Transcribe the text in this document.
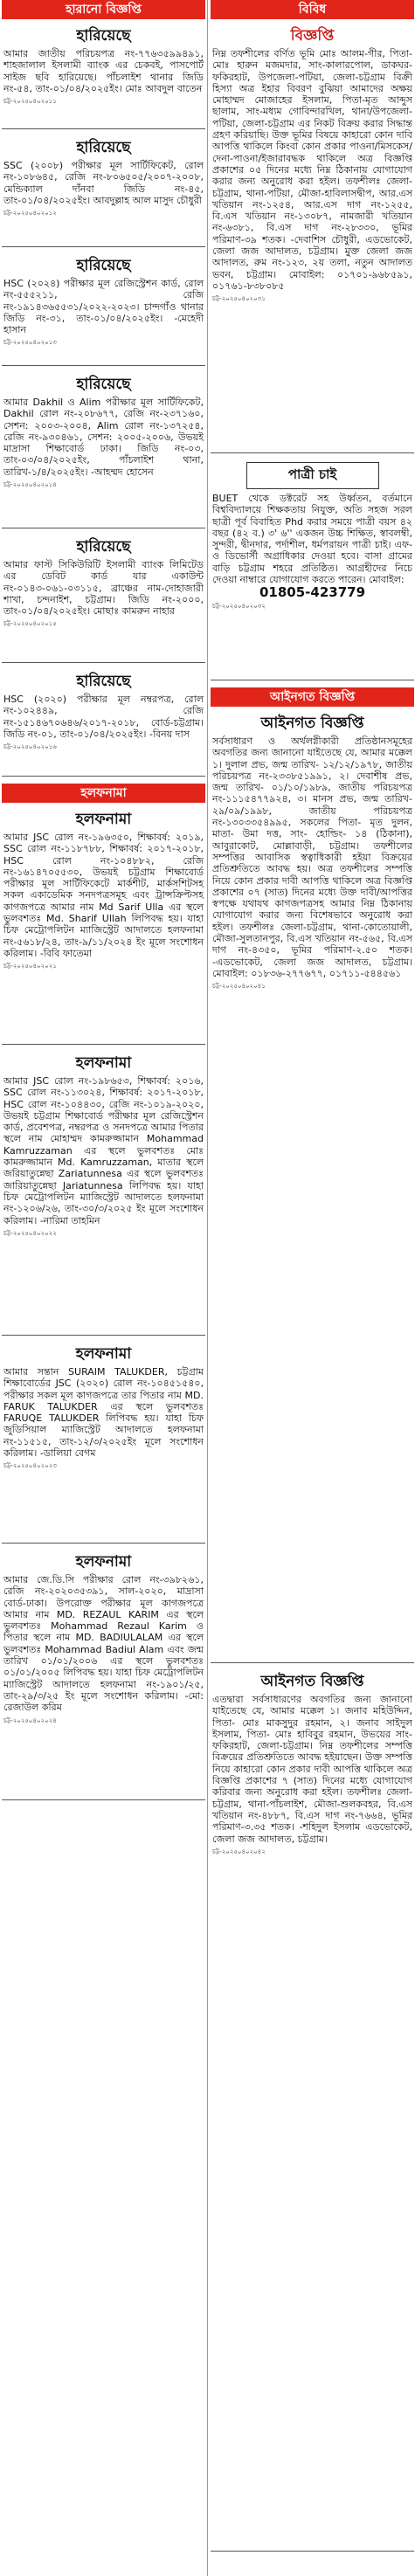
হারানো বিজ্ঞপ্তি
হারিয়েছে

আমার জাতীয় পরিচয়পত্র নং-৭৭৬৩৫৯৯৪৯১, শাহজালাল ইসলামী ব্যাংক এর চেকবই, পাসপোর্ট সাইজ ছবি হারিয়েছে। পাঁচলাইশ থানার জিডি নং-৫৪, তাং-০১/০৪/২০২৫ইং। মোঃ আবদুল বাতেন

চট্ট-২০২৫০৪০২০১১
হারিয়েছে

SSC (২০০৮) পরীক্ষার মূল সার্টিফিকেট, রোল নং-১০৮৬৪৫, রেজি নং-৮০৬৫০৫/২০০৭-২০০৮, মেন্ডিক্যাল দাঁনবা জিডি নং-৪৫, তাং-০১/০৪/২০২৫ইং। আবদুল্লাহ আল মাসুদ চৌধুরী

চট্ট-২০২৫০৪০২০১২
হারিয়েছে

HSC (২০২৪) পরীক্ষার মূল রেজিস্ট্রেশন কার্ড, রোল নং-৫৫৫২১১, রেজি নং-১৯১৪৩৬৫৫৩১/২০২২-২০২৩। চান্দগাঁও থানার জিডি নং-৩১, তাং-০১/০৪/২০২৫ইং। -মেহেদী হাসান

চট্ট-২০২৫০৪০২০১৩
হারিয়েছে

আমার Dakhil ও Alim পরীক্ষার মূল সার্টিফিকেট, Dakhil রোল নং-২০৮৬৭৭, রেজি নং-২৩৭১৬০, সেশন: ২০০৩-২০০৪, Alim রোল নং-১৩৭২৫৪, রেজি নং-৯৩০৪৬১, সেশন: ২০০৫-২০০৬, উভয়ই মাদ্রাসা শিক্ষাবোর্ড ঢাকা। জিডি নং-০৩, তাং-০৩/০৪/২০২৫ইং, পাঁচলাইশ থানা, তারিখ-১/৪/২০২৫ইং। -আহম্মদ হোসেন

চট্ট-২০২৫০৪০২০১৪
হারিয়েছে

আমার ফাস্ট সিকিউরিটি ইসলামী ব্যাংক লিমিটেড এর ডেবিট কার্ড যার একাউন্ট নং-০১৪৩-০৬১-০৩১১৫, ব্রাঞ্চের নাম-দোহাজারী শাখা, চন্দনাইশ, চট্টগ্রাম। জিডি নং-২০০০, তাং-০১/০৪/২০২৫ইং। মোছাঃ কামরুন নাহার

চট্ট-২০২৫০৪০২০১৫
হারিয়েছে

HSC (২০২০) পরীক্ষার মূল নম্বরপত্র, রোল নং-১০২৪৪৯, রেজি নং-১৫১৪৬৭০৬৪৬/২০১৭-২০১৮, বোর্ড-চট্টগ্রাম। জিডি নং-০১, তাং-০১/০৪/২০২৫ইং। -বিনয় দাস

চট্ট-২০২৫০৪০২০১৬
হলফনামা
হলফনামা

আমার JSC রোল নং-১৯৬৩৫০, শিক্ষাবর্ষ: ২০১৯, SSC রোল নং-১১৮৭৮৮, শিক্ষাবর্ষ: ২০১৭-২০১৮, HSC রোল নং-১০৪৮৮২, রেজি নং-১৬১৪৭০৫৫৩০, উভয়ই চট্টগ্রাম শিক্ষাবোর্ড পরীক্ষার মূল সার্টিফিকেটে মার্কশীট, মার্কসশিটসহ সকল একাডেমিক সনদপত্রসমূহ এবং ট্রান্সক্রিপ্টসহ কাগজপত্রে আমার নাম Md Sarif Ulla এর স্থলে ভুলবশতঃ Md. Sharif Ullah লিপিবদ্ধ হয়। যাহা চিফ মেট্রোপলিটন ম্যাজিস্ট্রেট আদালতে হলফনামা নং-৫৬১৮/২৪, তাং-৯/১১/২০২৪ ইং মূলে সংশোধন করিলাম। -বিবি ফাতেমা

চট্ট-২০২৫০৪০২০২১
হলফনামা

আমার JSC রোল নং-১৯৮৬৫৩, শিক্ষাবর্ষ: ২০১৬, SSC রোল নং-১১৩০২৪, শিক্ষাবর্ষ: ২০১৭-২০১৮, HSC রোল নং-১০৪৪৩০, রেজি নং-১০১৯-২০২০, উভয়ই চট্টগ্রাম শিক্ষাবোর্ড পরীক্ষার মূল রেজিস্ট্রেশন কার্ড, প্রবেশপত্র, নম্বরপত্র ও সনদপত্রে আমার পিতার স্থলে নাম মোহাম্মদ কামরুজ্জামান Mohammad Kamruzzaman এর স্থলে ভুলবশতঃ মোঃ কামরুজ্জামান Md. Kamruzzaman, মাতার স্থলে জরিয়াতুন্নেছা Zariatunnesa এর স্থলে ভুলবশতঃ জারিয়াতুন্নেছা Jariatunnesa লিপিবদ্ধ হয়। যাহা চিফ মেট্রোপলিটন ম্যাজিস্ট্রেট আদালতে হলফনামা নং-১২০৬/২৬, তাং-৩০/৩/২০২৫ ইং মূলে সংশোধন করিলাম। -নারিমা তাহমিন

চট্ট-২০২৫০৪০২০২২
হলফনামা

আমার সন্তান SURAIM TALUKDER, চট্টগ্রাম শিক্ষাবোর্ডের JSC (২০২০) রোল নং-১০৪৫১৫৪০, পরীক্ষার সকল মূল কাগজপত্রে তার পিতার নাম MD. FARUK TALUKDER এর স্থলে ভুলবশতঃ FARUQE TALUKDER লিপিবদ্ধ হয়। যাহা চিফ জুডিসিয়াল ম্যাজিস্ট্রেট আদালতে হলফনামা নং-১১৫১৫, তাং-১২/৩/২০২৫ইং মূলে সংশোধন করিলাম। -ডালিয়া বেগম

চট্ট-২০২৫০৪০২০২৩
হলফনামা

আমার জে.ডি.সি পরীক্ষার রোল নং-৩৯৮২৬১, রেজি নং-২০২০৩৫৩৯১, সাল-২০২০, মাদ্রাসা বোর্ড-ঢাকা। উপরোক্ত পরীক্ষার মূল কাগজপত্রে আমার নাম MD. REZAUL KARIM এর স্থলে ভুলবশতঃ Mohammad Rezaul Karim ও পিতার স্থলে নাম MD. BADIULALAM এর স্থলে ভুলবশতঃ Mohammad Badiul Alam এবং জন্ম তারিখ ০১/০১/২০০৬ এর স্থলে ভুলবশতঃ ০১/০১/২০০৫ লিপিবদ্ধ হয়। যাহা চিফ মেট্রোপলিটন ম্যাজিস্ট্রেট আদালতে হলফনামা নং-১৯০১/২৫, তাং-২৯/৩/২৫ ইং মূলে সংশোধন করিলাম। -মো: রেজাউল করিম

চট্ট-২০২৫০৪০২০২৪
বিবিধ
বিজ্ঞপ্তি

নিম্ন তফশীলের বর্ণিত ভূমি মোঃ আলম-গীর, পিতা-মোঃ হারুন মজমদার, সাং-কালারপোল, ডাকঘর-ফকিরহাট, উপজেলা-পটিয়া, জেলা-চট্টগ্রাম বিক্রী হিস্যা অত্র ইহার বিবরণ বুঝিয়া আমাদের অক্ষয় মোহাম্মদ মোজাহের ইসলাম, পিতা-মৃত আব্দুস ছালাম, সাং-মধ্যম গোবিন্দারখিল, থানা/উপজেলা-পটিয়া, জেলা-চট্টগ্রাম এর নিকট বিক্রয় করার সিদ্ধান্ত গ্রহণ করিয়াছি। উক্ত ভূমির বিষয়ে কাহারো কোন দাবি আপত্তি থাকিলে কিংবা কোন প্রকার পাওনা/মিসকেস/ দেনা-পাওনা/ইজারাবদ্ধক থাকিলে অত্র বিজ্ঞপ্তি প্রকাশের ০৫ দিনের মধ্যে নিম্ন ঠিকানায় যোগাযোগ করার জন্য অনুরোধ করা হইল। তফশীলঃ জেলা-চট্টগ্রাম, থানা-পটিয়া, মৌজা-হাবিলাসদ্বীপ, আর.এস খতিয়ান নং-১২৫৪, আর.এস দাগ নং-১২৫৫, বি.এস খতিয়ান নং-১৩০৮৭, নামজারী খতিয়ান নং-৬৩৮১, বি.এস দাগ নং-২৮৩৩০, ভূমির পরিমাণ-৩৯ শতক। -দেবাশিস চৌধুরী, এডভোকেট, জেলা জজ আদালত, চট্টগ্রাম। মুক্ত জেলা জজ আদালত, রুম নং-১২৩, ২য় তলা, নতুন আদালত ভবন, চট্টগ্রাম। মোবাইল: ০১৭০১-৯৬৮৫৯১, ০১৭৬১-৮৩৮০৮৫

চট্ট-২০২৫০৪০২০৩১
পাত্রী চাই

BUET থেকে ডক্টরেট সহ উর্ধ্বতন, বর্তমানে বিশ্ববিদ্যালয়ে শিক্ষকতায় নিযুক্ত, অতি সহজ সরল ছাত্রী পূর্ব বিবাহিত Phd করার সময়ে পাত্রী বয়স ৪২ বছর (৪২ ব.) ৩' ৬'' একজন উচ্চ শিক্ষিত, স্বাবলম্বী, সুন্দরী, দ্বীনদার, পর্দাশীল, ধর্মপরায়ন পাত্রী চাই। এফ-ও ডিভোর্সী অগ্রাধিকার দেওয়া হবে। বাসা গ্রামের বাড়ি চট্টগ্রাম শহরে প্রতিষ্ঠিত। আগ্রহীদের নিচে দেওয়া নাম্বারে যোগাযোগ করতে পারেন। মোবাইল:

01805-423779

চট্ট-২০২৫০৪০২০৩২
আইনগত বিজ্ঞপ্তি
আইনগত বিজ্ঞপ্তি

সর্বসাধারণ ও অর্থলগ্নীকারী প্রতিষ্ঠানসমূহের অবগতির জন্য জানানো যাইতেছে যে, আমার মক্কেল ১। দুলাল প্রভ, জন্ম তারিখ- ১২/১২/১৯৭৮, জাতীয় পরিচয়পত্র নং-২৩৩৮৫১৯৯১, ২। দেবাশীষ প্রভ, জন্ম তারিখ- ০১/১০/১৯৮৯, জাতীয় পরিচয়পত্র নং-১১১৫৪৭৭৯২৪, ৩। মানস প্রভ, জন্ম তারিখ- ২৯/০৯/১৯৯৮, জাতীয় পরিচয়পত্র নং-১৩০৩৩৫৪৯৯৫, সকলের পিতা- মৃত দুলন, মাতা- উমা দত্ত, সাং- হোল্ডিং- ১৪ (ঠিকানা), আবুরাকোট, মোল্লাবাড়ী, চট্টগ্রাম। তফশীলের সম্পত্তির আবাসিক স্বত্বাধিকারী হইয়া বিক্রয়ের প্রতিশ্রুতিতে আবদ্ধ হয়। অত্র তফশীলের সম্পত্তি নিয়ে কোন প্রকার দাবী আপত্তি থাকিলে অত্র বিজ্ঞপ্তি প্রকাশের ০৭ (সাত) দিনের মধ্যে উক্ত দাবী/আপত্তির স্বপক্ষে যথাযথ কাগজপত্রসহ আমার নিম্ন ঠিকানায় যোগাযোগ করার জন্য বিশেষভাবে অনুরোধ করা হইল। তফশীলঃ জেলা-চট্টগ্রাম, থানা-কোতোয়ালী, মৌজা-সুলতানপুর, বি.এস খতিয়ান নং-৫৬৫, বি.এস দাগ নং-৪৩৫০, ভূমির পরিমাণ-২.৫০ শতক। -এডভোকেট, জেলা জজ আদালত, চট্টগ্রাম। মোবাইল: ০১৮৩৬-২৭৭৬৭৭, ০১৭১১-৫৪৪৫৬১

চট্ট-২০২৫০৪০২০৪১
আইনগত বিজ্ঞপ্তি

এতদ্বারা সর্বসাধারণের অবগতির জন্য জানানো যাইতেছে যে, আমার মক্কেল ১। জনাব মহিউদ্দিন, পিতা- মোঃ মাকসুদুর রহমান, ২। জনাব সাইদুল ইসলাম, পিতা- মোঃ হাবিবুর রহমান, উভয়ের সাং- ফকিরহাট, জেলা-চট্টগ্রাম। নিম্ন তফশীলের সম্পত্তি বিক্রয়ের প্রতিশ্রুতিতে আবদ্ধ হইয়াছেন। উক্ত সম্পত্তি নিয়ে কাহারো কোন প্রকার দাবী আপত্তি থাকিলে অত্র বিজ্ঞপ্তি প্রকাশের ৭ (সাত) দিনের মধ্যে যোগাযোগ করিবার জন্য অনুরোধ করা হইল। তফশীলঃ জেলা-চট্টগ্রাম, থানা-পাঁচলাইশ, মৌজা-শুলকবহর, বি.এস খতিয়ান নং-৪৮৮৭, বি.এস দাগ নং-৭৬৬৪, ভূমির পরিমাণ-৩.৩৫ শতক। -শহিদুল ইসলাম এডভোকেট, জেলা জজ আদালত, চট্টগ্রাম।

চট্ট-২০২৫০৪০২০৪২
